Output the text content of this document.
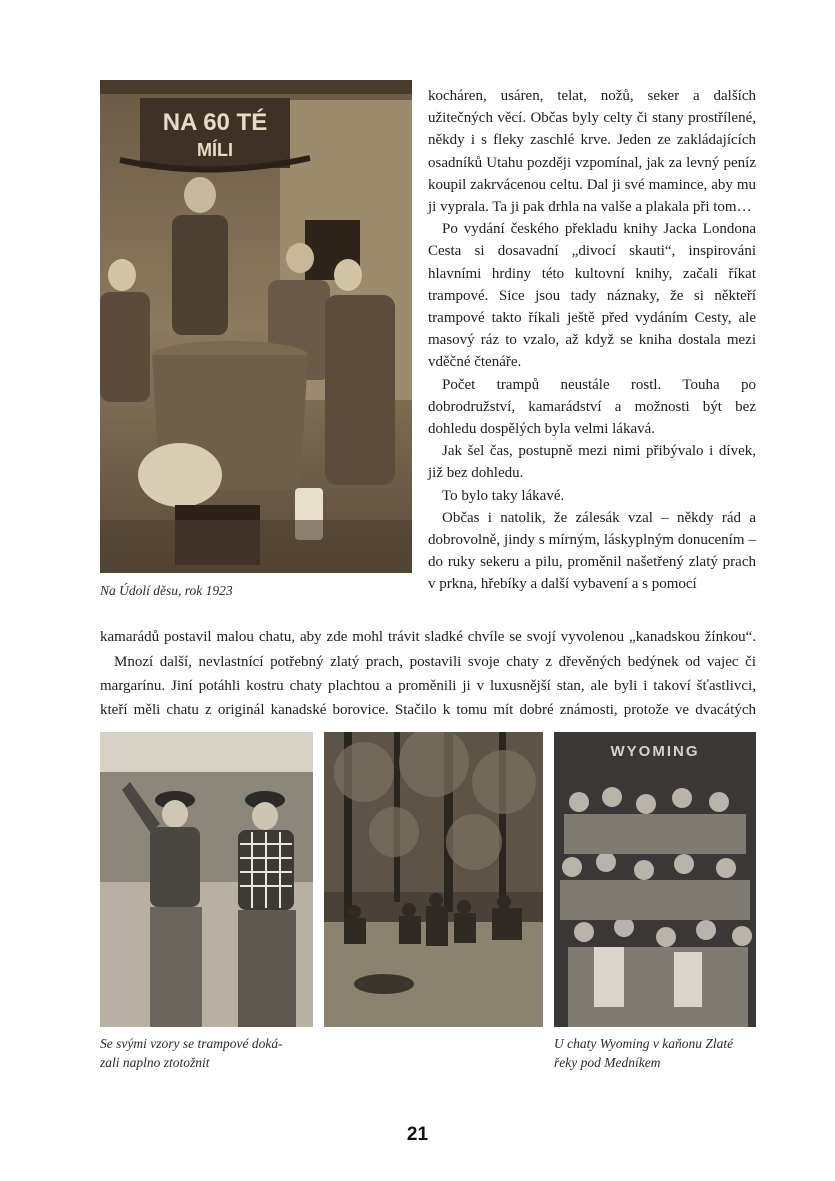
NA 60 TÉ
MÍLI
Na Údolí děsu, rok 1923

kocháren, usáren, telat, nožů, seker a dalších užitečných věcí. Občas byly celty či stany prostřílené, někdy i s fleky zaschlé krve. Jeden ze zakládajících osadníků Utahu později vzpomínal, jak za levný peníz koupil zakrvácenou celtu. Dal ji své mamince, aby mu ji vyprala. Ta ji pak drhla na valše a plakala při tom…

Po vydání českého překladu knihy Jacka Londona Cesta si dosavadní „divocí skauti“, inspirováni hlavními hrdiny této kultovní knihy, začali říkat trampové. Sice jsou tady náznaky, že si někteří trampové takto říkali ještě před vydáním Cesty, ale masový ráz to vzalo, až když se kniha dostala mezi vděčné čtenáře.

Počet trampů neustále rostl. Touha po dobrodružství, kamarádství a možnosti být bez dohledu dospělých byla velmi lákavá.

Jak šel čas, postupně mezi nimi přibývalo i dívek, již bez dohledu.

To bylo taky lákavé.

Občas i natolik, že zálesák vzal – někdy rád a dobrovolně, jindy s mírným, láskyplným donucením – do ruky sekeru a pilu, proměnil našetřený zlatý prach v prkna, hřebíky a další vybavení a s pomocí

kamarádů postavil malou chatu, aby zde mohl trávit sladké chvíle se svojí vyvolenou „kanadskou žínkou“.
Mnozí další, nevlastnící potřebný zlatý prach, postavili svoje chaty z dřevěných bedýnek od vajec či
margarínu. Jiní potáhli kostru chaty plachtou a proměnili ji v luxusnější stan, ale byli i takoví šťastlivci,
kteří měli chatu z originál kanadské borovice. Stačilo k tomu mít dobré známosti, protože ve dvacátých
Se svými vzory se trampové doká-
zali naplno ztotožnit
WYOMING
U chaty Wyoming v kaňonu Zlaté
řeky pod Medníkem
21
